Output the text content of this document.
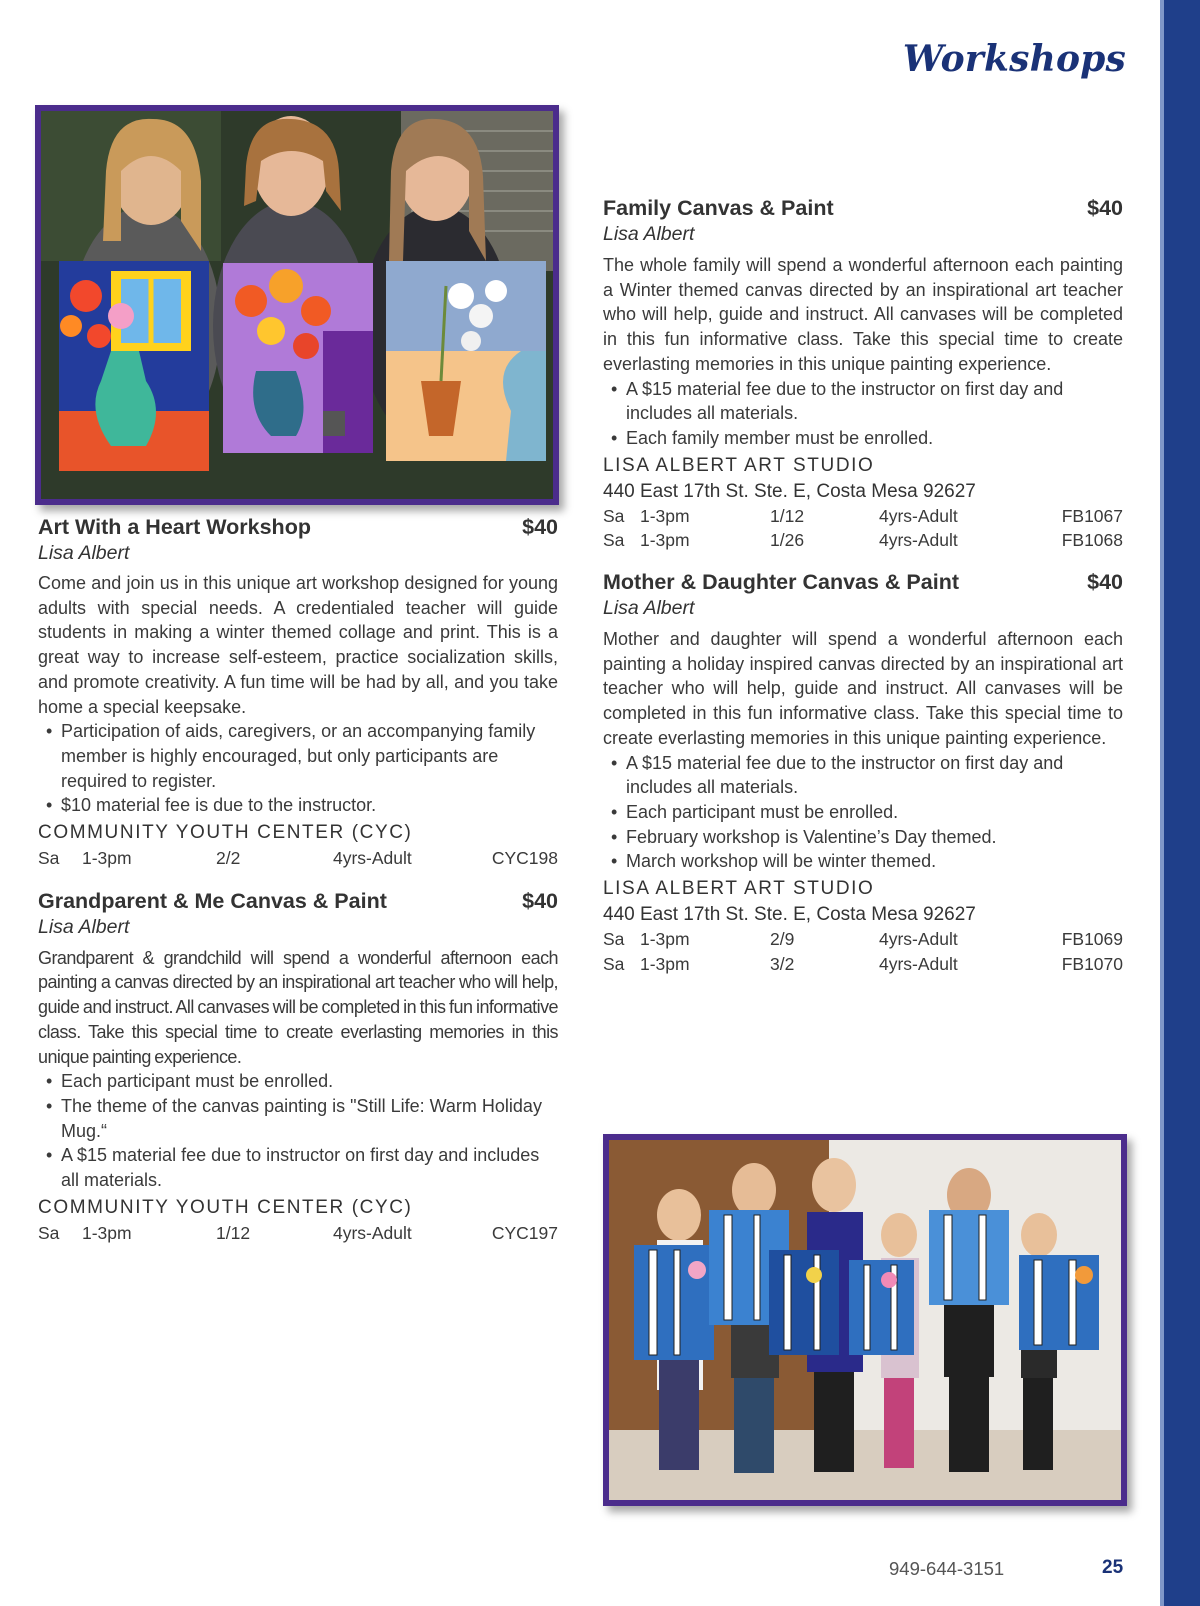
Workshops
Art With a Heart Workshop	$40
Lisa Albert
Come and join us in this unique art workshop designed for young adults with special needs. A credentialed teacher will guide students in making a winter themed collage and print. This is a great way to increase self-esteem, practice socialization skills, and promote creativity. A fun time will be had by all, and you take home a special keepsake.
• Participation of aids, caregivers, or an accompanying family member is highly encouraged, but only participants are required to register.
• $10 material fee is due to the instructor.
COMMUNITY YOUTH CENTER (CYC)
Sa 1-3pm	2/2	4yrs-Adult	CYC198
Grandparent & Me Canvas & Paint	$40
Lisa Albert
Grandparent & grandchild will spend a wonderful afternoon each painting a canvas directed by an inspirational art teacher who will help, guide and instruct. All canvases will be completed in this fun informative class. Take this special time to create everlasting memories in this unique painting experience.
• Each participant must be enrolled.
• The theme of the canvas painting is "Still Life: Warm Holiday Mug.“
• A $15 material fee due to instructor on first day and includes all materials.
COMMUNITY YOUTH CENTER (CYC)
Sa 1-3pm	1/12	4yrs-Adult	CYC197
Family Canvas & Paint	$40
Lisa Albert
The whole family will spend a wonderful afternoon each painting a Winter themed canvas directed by an inspirational art teacher who will help, guide and instruct. All canvases will be completed in this fun informative class. Take this special time to create everlasting memories in this unique painting experience.
• A $15 material fee due to the instructor on first day and includes all materials.
• Each family member must be enrolled.
LISA ALBERT ART STUDIO
440 East 17th St. Ste. E, Costa Mesa 92627
Sa 1-3pm	1/12	4yrs-Adult	FB1067
Sa 1-3pm	1/26	4yrs-Adult	FB1068
Mother & Daughter Canvas & Paint	$40
Lisa Albert
Mother and daughter will spend a wonderful afternoon each painting a holiday inspired canvas directed by an inspirational art teacher who will help, guide and instruct. All canvases will be completed in this fun informative class. Take this special time to create everlasting memories in this unique painting experience.
• A $15 material fee due to the instructor on first day and includes all materials.
• Each participant must be enrolled.
• February workshop is Valentine’s Day themed.
• March workshop will be winter themed.
LISA ALBERT ART STUDIO
440 East 17th St. Ste. E, Costa Mesa 92627
Sa 1-3pm	2/9	4yrs-Adult	FB1069
Sa 1-3pm	3/2	4yrs-Adult	FB1070
949-644-3151	25
